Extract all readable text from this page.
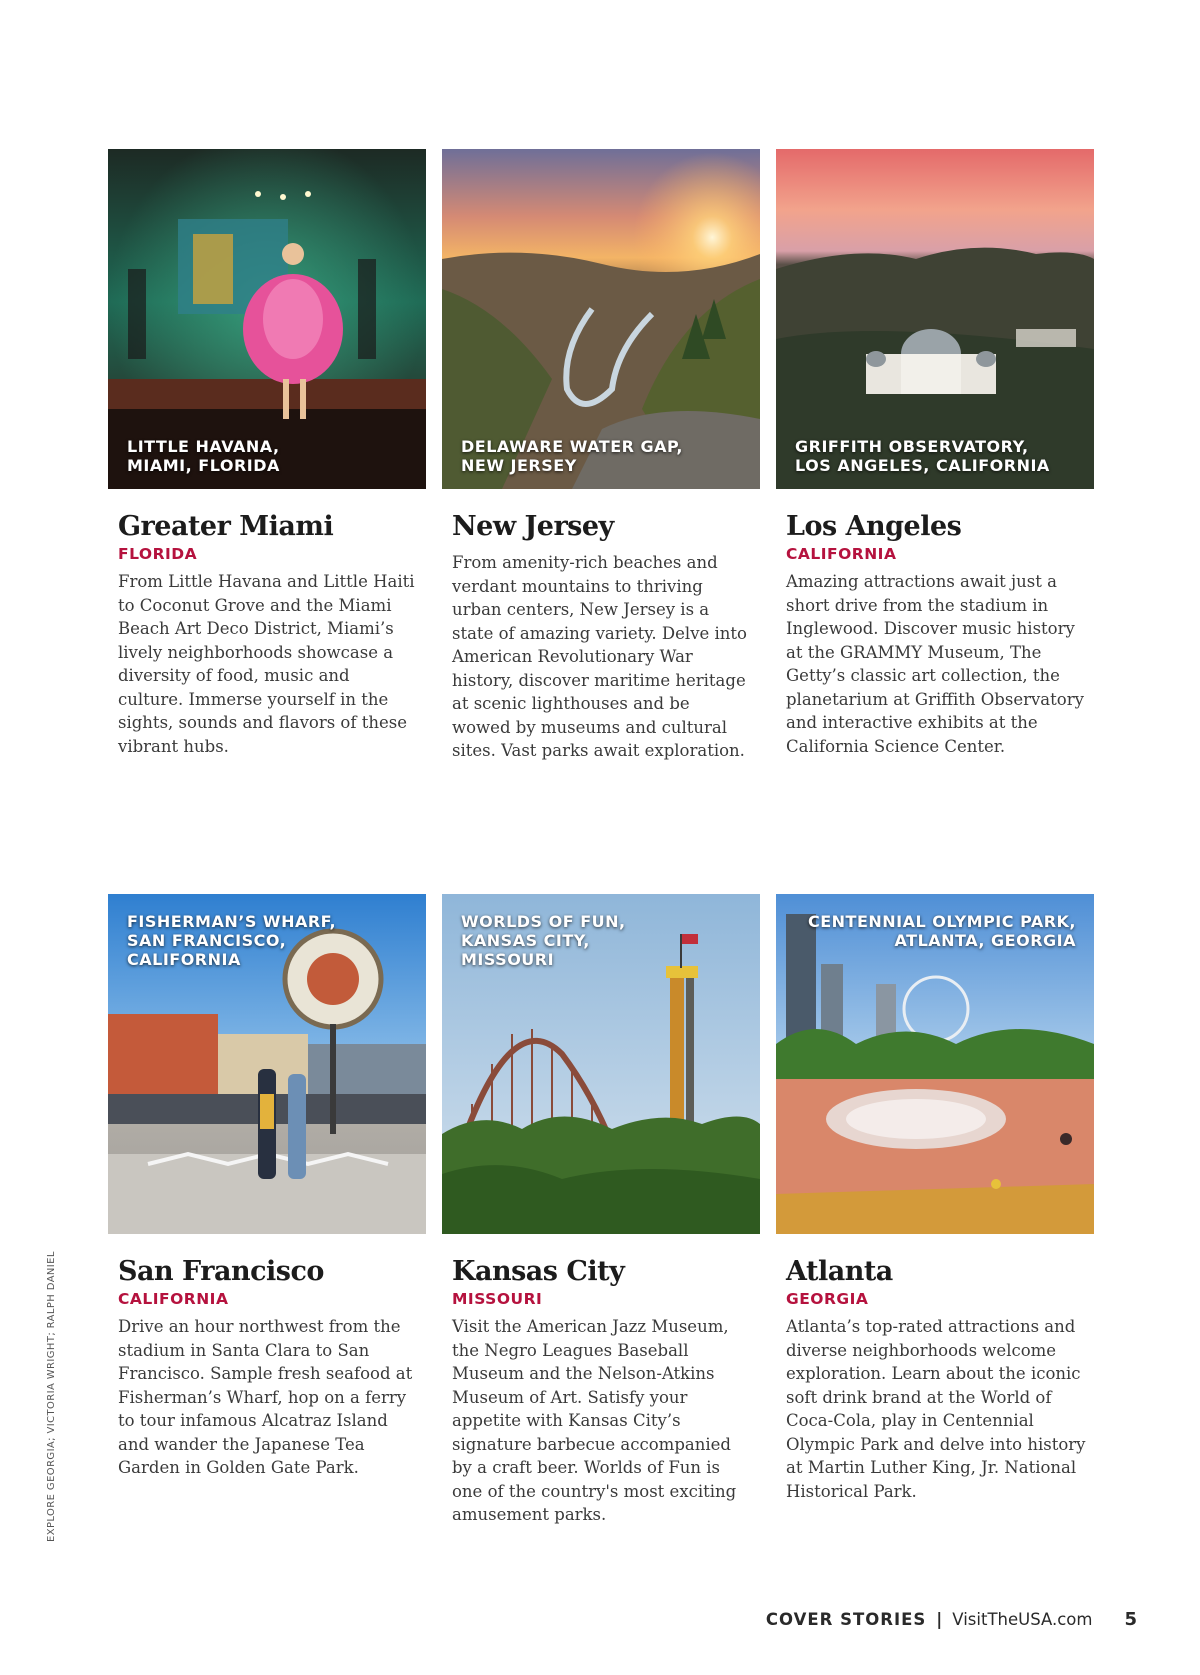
LITTLE HAVANA,
MIAMI, FLORIDA
Greater Miami
FLORIDA
From Little Havana and Little Haiti to Coconut Grove and the Miami Beach Art Deco District, Miami’s lively neighborhoods showcase a diversity of food, music and culture. Immerse yourself in the sights, sounds and flavors of these vibrant hubs.
DELAWARE WATER GAP,
NEW JERSEY
New Jersey
From amenity-rich beaches and verdant mountains to thriving urban centers, New Jersey is a state of amazing variety. Delve into American Revolutionary War history, discover maritime heritage at scenic lighthouses and be wowed by museums and cultural sites. Vast parks await exploration.
GRIFFITH OBSERVATORY,
LOS ANGELES, CALIFORNIA
Los Angeles
CALIFORNIA
Amazing attractions await just a short drive from the stadium in Inglewood. Discover music history at the GRAMMY Museum, The Getty’s classic art collection, the planetarium at Griffith Observatory and interactive exhibits at the California Science Center.
FISHERMAN’S WHARF,
SAN FRANCISCO,
CALIFORNIA
San Francisco
CALIFORNIA
Drive an hour northwest from the stadium in Santa Clara to San Francisco. Sample fresh seafood at Fisherman’s Wharf, hop on a ferry to tour infamous Alcatraz Island and wander the Japanese Tea Garden in Golden Gate Park.
WORLDS OF FUN,
KANSAS CITY,
MISSOURI
Kansas City
MISSOURI
Visit the American Jazz Museum, the Negro Leagues Baseball Museum and the Nelson-Atkins Museum of Art. Satisfy your appetite with Kansas City’s signature barbecue accompanied by a craft beer. Worlds of Fun is one of the country's most exciting amusement parks.
CENTENNIAL OLYMPIC PARK,
ATLANTA, GEORGIA
Atlanta
GEORGIA
Atlanta’s top-rated attractions and diverse neighborhoods welcome exploration. Learn about the iconic soft drink brand at the World of Coca-Cola, play in Centennial Olympic Park and delve into history at Martin Luther King, Jr. National Historical Park.
EXPLORE GEORGIA; VICTORIA WRIGHT; RALPH DANIEL
COVER STORIES | VisitTheUSA.com 5
